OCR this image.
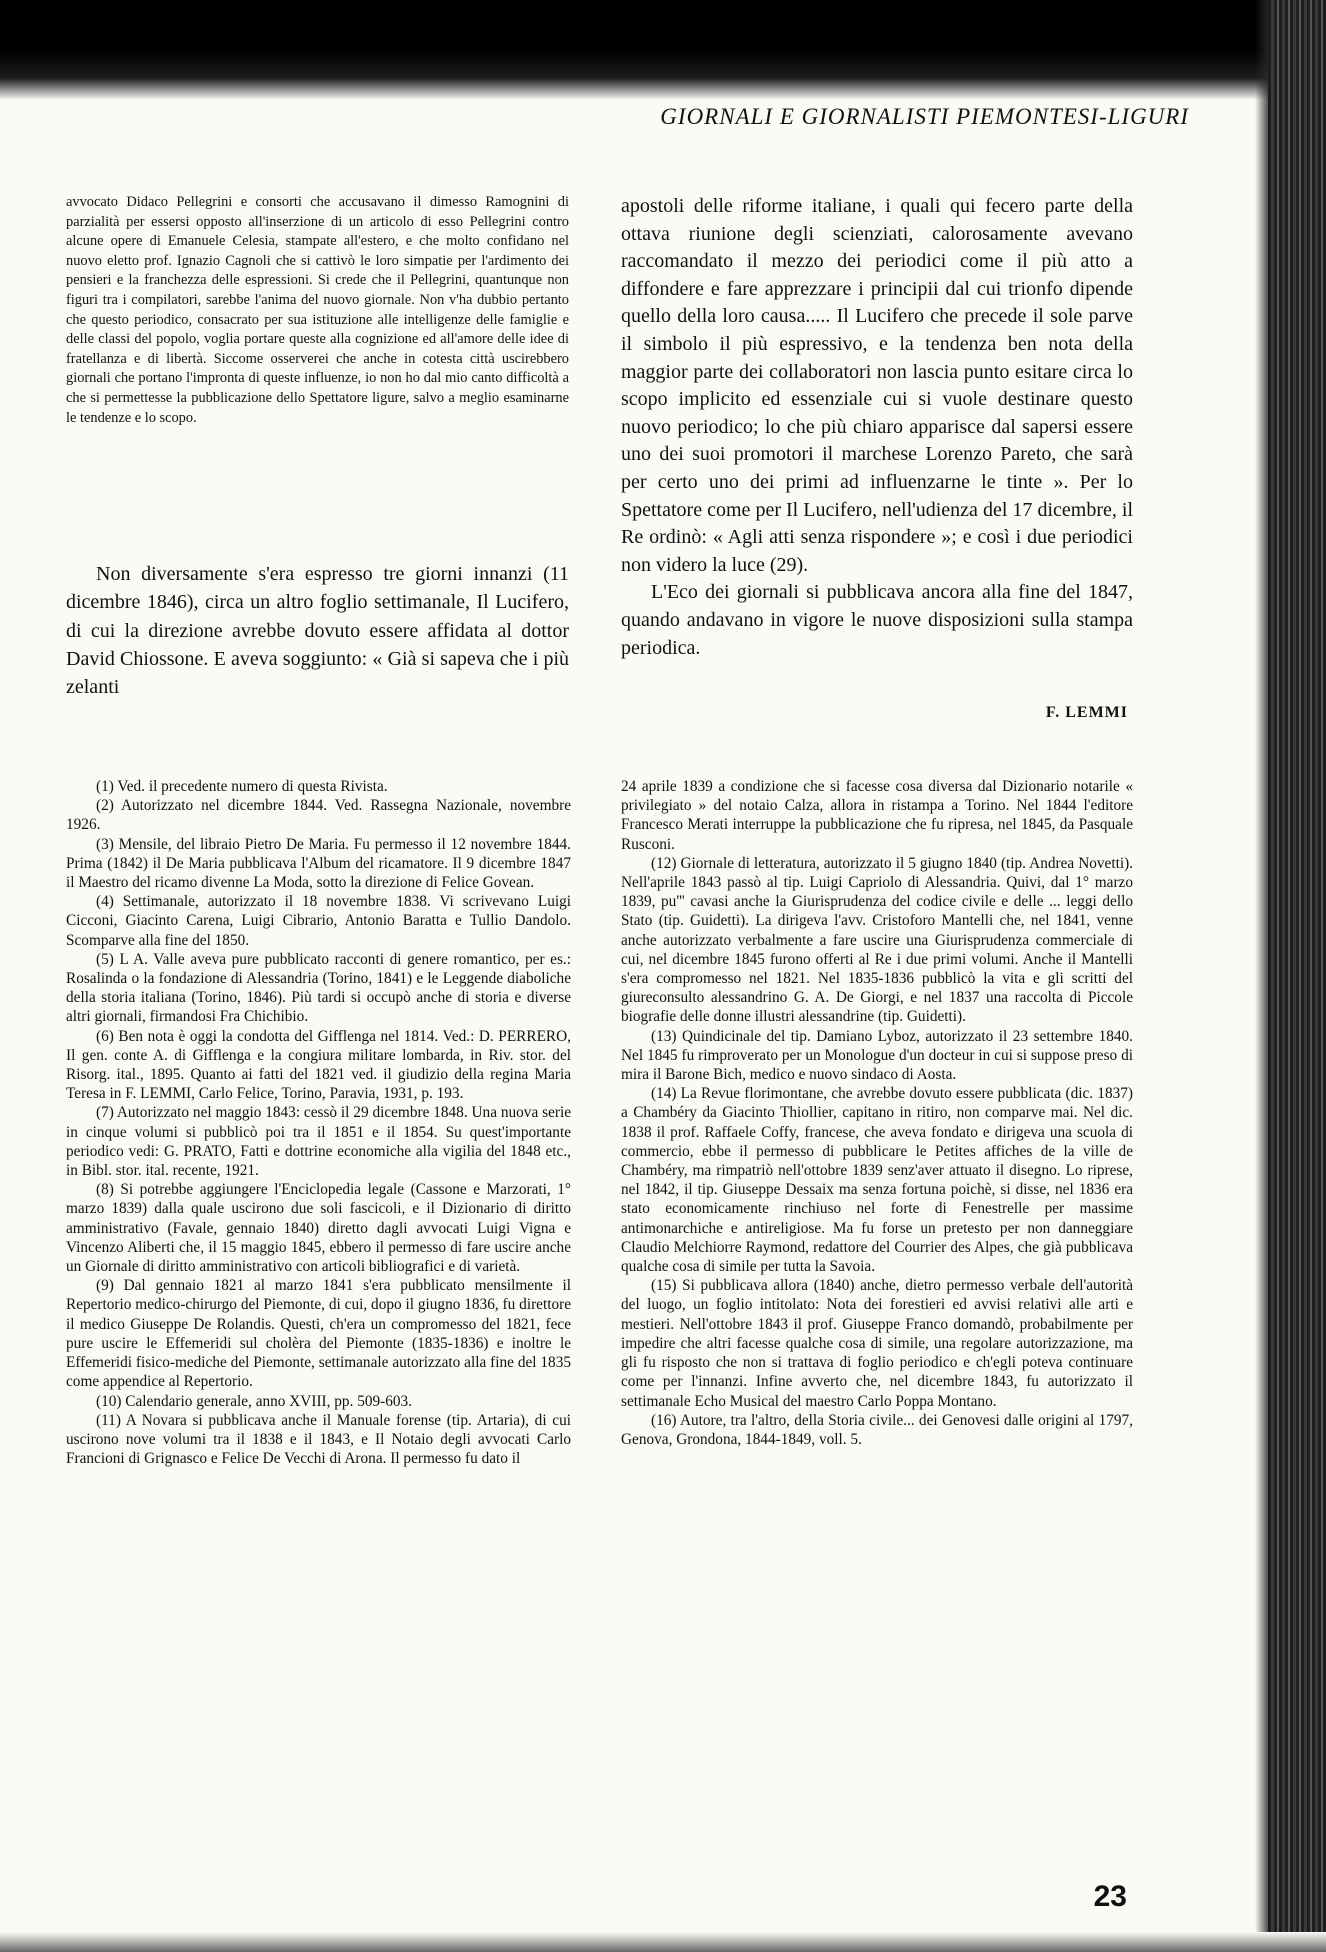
GIORNALI E GIORNALISTI PIEMONTESI-LIGURI

avvocato Didaco Pellegrini e consorti che accusavano il dimesso Ramognini di parzialità per essersi opposto all'inserzione di un articolo di esso Pellegrini contro alcune opere di Emanuele Celesia, stampate all'estero, e che molto confidano nel nuovo eletto prof. Ignazio Cagnoli che si cattivò le loro simpatie per l'ardimento dei pensieri e la franchezza delle espressioni. Si crede che il Pellegrini, quantunque non figuri tra i compilatori, sarebbe l'anima del nuovo giornale. Non v'ha dubbio pertanto che questo periodico, consacrato per sua istituzione alle intelligenze delle famiglie e delle classi del popolo, voglia portare queste alla cognizione ed all'amore delle idee di fratellanza e di libertà. Siccome osserverei che anche in cotesta città uscirebbero giornali che portano l'impronta di queste influenze, io non ho dal mio canto difficoltà a che si permettesse la pubblicazione dello Spettatore ligure, salvo a meglio esaminarne le tendenze e lo scopo.

Non diversamente s'era espresso tre giorni innanzi (11 dicembre 1846), circa un altro foglio settimanale, Il Lucifero, di cui la direzione avrebbe dovuto essere affidata al dottor David Chiossone. E aveva soggiunto: « Già si sapeva che i più zelanti

apostoli delle riforme italiane, i quali qui fecero parte della ottava riunione degli scienziati, calorosamente avevano raccomandato il mezzo dei periodici come il più atto a diffondere e fare apprezzare i principii dal cui trionfo dipende quello della loro causa..... Il Lucifero che precede il sole parve il simbolo il più espressivo, e la tendenza ben nota della maggior parte dei collaboratori non lascia punto esitare circa lo scopo implicito ed essenziale cui si vuole destinare questo nuovo periodico; lo che più chiaro apparisce dal sapersi essere uno dei suoi promotori il marchese Lorenzo Pareto, che sarà per certo uno dei primi ad influenzarne le tinte ». Per lo Spettatore come per Il Lucifero, nell'udienza del 17 dicembre, il Re ordinò: « Agli atti senza rispondere »; e così i due periodici non videro la luce (29).

L'Eco dei giornali si pubblicava ancora alla fine del 1847, quando andavano in vigore le nuove disposizioni sulla stampa periodica.

F. LEMMI

(1) Ved. il precedente numero di questa Rivista.

(2) Autorizzato nel dicembre 1844. Ved. Rassegna Nazionale, novembre 1926.

(3) Mensile, del libraio Pietro De Maria. Fu permesso il 12 novembre 1844. Prima (1842) il De Maria pubblicava l'Album del ricamatore. Il 9 dicembre 1847 il Maestro del ricamo divenne La Moda, sotto la direzione di Felice Govean.

(4) Settimanale, autorizzato il 18 novembre 1838. Vi scrivevano Luigi Cicconi, Giacinto Carena, Luigi Cibrario, Antonio Baratta e Tullio Dandolo. Scomparve alla fine del 1850.

(5) L A. Valle aveva pure pubblicato racconti di genere romantico, per es.: Rosalinda o la fondazione di Alessandria (Torino, 1841) e le Leggende diaboliche della storia italiana (Torino, 1846). Più tardi si occupò anche di storia e diverse altri giornali, firmandosi Fra Chichibio.

(6) Ben nota è oggi la condotta del Gifflenga nel 1814. Ved.: D. PERRERO, Il gen. conte A. di Gifflenga e la congiura militare lombarda, in Riv. stor. del Risorg. ital., 1895. Quanto ai fatti del 1821 ved. il giudizio della regina Maria Teresa in F. LEMMI, Carlo Felice, Torino, Paravia, 1931, p. 193.

(7) Autorizzato nel maggio 1843: cessò il 29 dicembre 1848. Una nuova serie in cinque volumi si pubblicò poi tra il 1851 e il 1854. Su quest'importante periodico vedi: G. PRATO, Fatti e dottrine economiche alla vigilia del 1848 etc., in Bibl. stor. ital. recente, 1921.

(8) Si potrebbe aggiungere l'Enciclopedia legale (Cassone e Marzorati, 1° marzo 1839) dalla quale uscirono due soli fascicoli, e il Dizionario di diritto amministrativo (Favale, gennaio 1840) diretto dagli avvocati Luigi Vigna e Vincenzo Aliberti che, il 15 maggio 1845, ebbero il permesso di fare uscire anche un Giornale di diritto amministrativo con articoli bibliografici e di varietà.

(9) Dal gennaio 1821 al marzo 1841 s'era pubblicato mensilmente il Repertorio medico-chirurgo del Piemonte, di cui, dopo il giugno 1836, fu direttore il medico Giuseppe De Rolandis. Questi, ch'era un compromesso del 1821, fece pure uscire le Effemeridi sul cholèra del Piemonte (1835-1836) e inoltre le Effemeridi fisico-mediche del Piemonte, settimanale autorizzato alla fine del 1835 come appendice al Repertorio.

(10) Calendario generale, anno XVIII, pp. 509-603.

(11) A Novara si pubblicava anche il Manuale forense (tip. Artaria), di cui uscirono nove volumi tra il 1838 e il 1843, e Il Notaio degli avvocati Carlo Francioni di Grignasco e Felice De Vecchi di Arona. Il permesso fu dato il

24 aprile 1839 a condizione che si facesse cosa diversa dal Dizionario notarile « privilegiato » del notaio Calza, allora in ristampa a Torino. Nel 1844 l'editore Francesco Merati interruppe la pubblicazione che fu ripresa, nel 1845, da Pasquale Rusconi.

(12) Giornale di letteratura, autorizzato il 5 giugno 1840 (tip. Andrea Novetti). Nell'aprile 1843 passò al tip. Luigi Capriolo di Alessandria. Quivi, dal 1° marzo 1839, pu''' cavasi anche la Giurisprudenza del codice civile e delle ... leggi dello Stato (tip. Guidetti). La dirigeva l'avv. Cristoforo Mantelli che, nel 1841, venne anche autorizzato verbalmente a fare uscire una Giurisprudenza commerciale di cui, nel dicembre 1845 furono offerti al Re i due primi volumi. Anche il Mantelli s'era compromesso nel 1821. Nel 1835-1836 pubblicò la vita e gli scritti del giureconsulto alessandrino G. A. De Giorgi, e nel 1837 una raccolta di Piccole biografie delle donne illustri alessandrine (tip. Guidetti).

(13) Quindicinale del tip. Damiano Lyboz, autorizzato il 23 settembre 1840. Nel 1845 fu rimproverato per un Monologue d'un docteur in cui si suppose preso di mira il Barone Bich, medico e nuovo sindaco di Aosta.

(14) La Revue florimontane, che avrebbe dovuto essere pubblicata (dic. 1837) a Chambéry da Giacinto Thiollier, capitano in ritiro, non comparve mai. Nel dic. 1838 il prof. Raffaele Coffy, francese, che aveva fondato e dirigeva una scuola di commercio, ebbe il permesso di pubblicare le Petites affiches de la ville de Chambéry, ma rimpatriò nell'ottobre 1839 senz'aver attuato il disegno. Lo riprese, nel 1842, il tip. Giuseppe Dessaix ma senza fortuna poichè, si disse, nel 1836 era stato economicamente rinchiuso nel forte di Fenestrelle per massime antimonarchiche e antireligiose. Ma fu forse un pretesto per non danneggiare Claudio Melchiorre Raymond, redattore del Courrier des Alpes, che già pubblicava qualche cosa di simile per tutta la Savoia.

(15) Si pubblicava allora (1840) anche, dietro permesso verbale dell'autorità del luogo, un foglio intitolato: Nota dei forestieri ed avvisi relativi alle arti e mestieri. Nell'ottobre 1843 il prof. Giuseppe Franco domandò, probabilmente per impedire che altri facesse qualche cosa di simile, una regolare autorizzazione, ma gli fu risposto che non si trattava di foglio periodico e ch'egli poteva continuare come per l'innanzi. Infine avverto che, nel dicembre 1843, fu autorizzato il settimanale Echo Musical del maestro Carlo Poppa Montano.

(16) Autore, tra l'altro, della Storia civile... dei Genovesi dalle origini al 1797, Genova, Grondona, 1844-1849, voll. 5.

23
